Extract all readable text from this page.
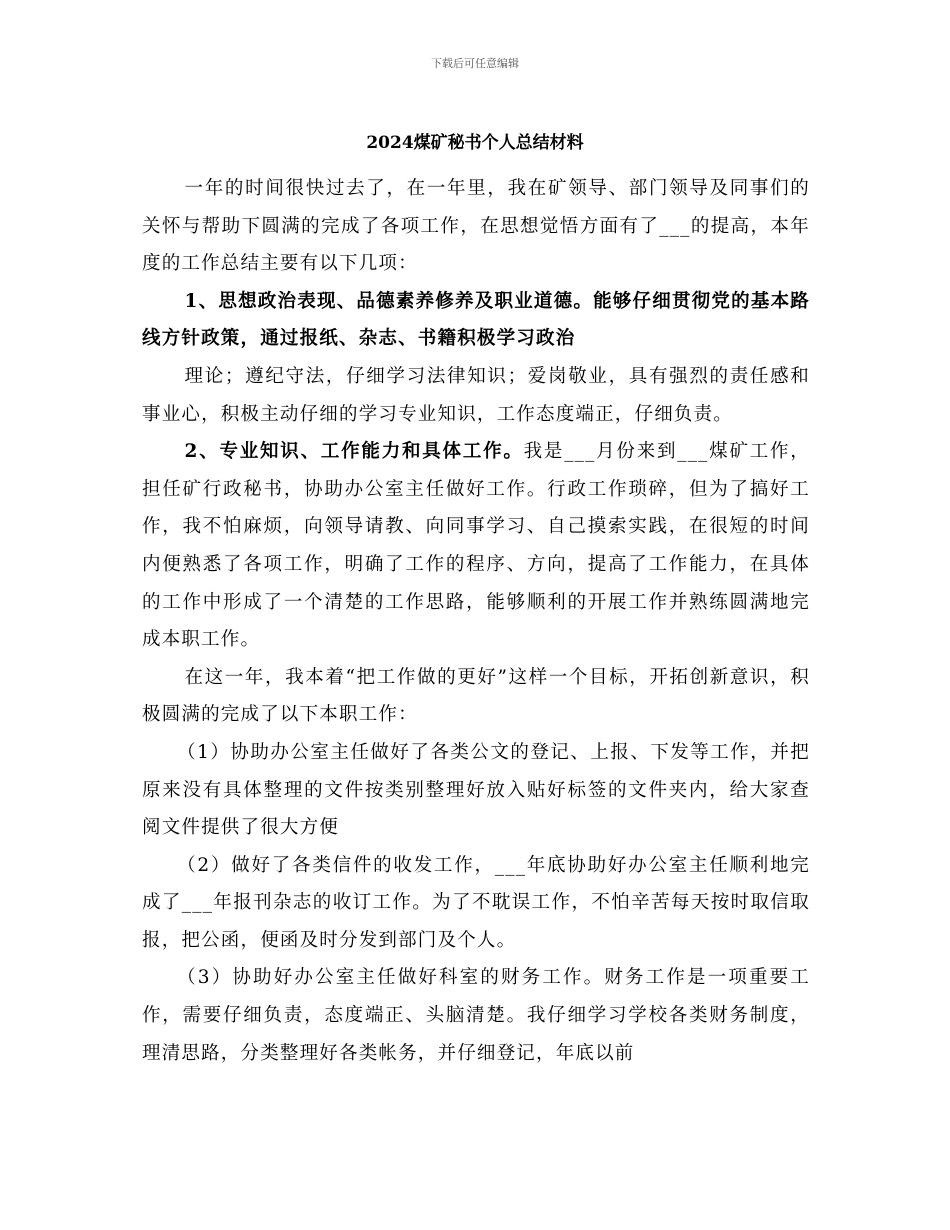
下载后可任意编辑
2024煤矿秘书个人总结材料

一年的时间很快过去了，在一年里，我在矿领导、部门领导及同事们的关怀与帮助下圆满的完成了各项工作，在思想觉悟方面有了___的提高，本年度的工作总结主要有以下几项：

1、思想政治表现、品德素养修养及职业道德。能够仔细贯彻党的基本路线方针政策，通过报纸、杂志、书籍积极学习政治

理论；遵纪守法，仔细学习法律知识；爱岗敬业，具有强烈的责任感和事业心，积极主动仔细的学习专业知识，工作态度端正，仔细负责。

2、专业知识、工作能力和具体工作。我是___月份来到___煤矿工作，担任矿行政秘书，协助办公室主任做好工作。行政工作琐碎，但为了搞好工作，我不怕麻烦，向领导请教、向同事学习、自己摸索实践，在很短的时间内便熟悉了各项工作，明确了工作的程序、方向，提高了工作能力，在具体的工作中形成了一个清楚的工作思路，能够顺利的开展工作并熟练圆满地完成本职工作。

在这一年，我本着“把工作做的更好”这样一个目标，开拓创新意识，积极圆满的完成了以下本职工作：

（1）协助办公室主任做好了各类公文的登记、上报、下发等工作，并把原来没有具体整理的文件按类别整理好放入贴好标签的文件夹内，给大家查阅文件提供了很大方便

（2）做好了各类信件的收发工作，___年底协助好办公室主任顺利地完成了___年报刊杂志的收订工作。为了不耽误工作，不怕辛苦每天按时取信取报，把公函，便函及时分发到部门及个人。

（3）协助好办公室主任做好科室的财务工作。财务工作是一项重要工作，需要仔细负责，态度端正、头脑清楚。我仔细学习学校各类财务制度，理清思路，分类整理好各类帐务，并仔细登记，年底以前
